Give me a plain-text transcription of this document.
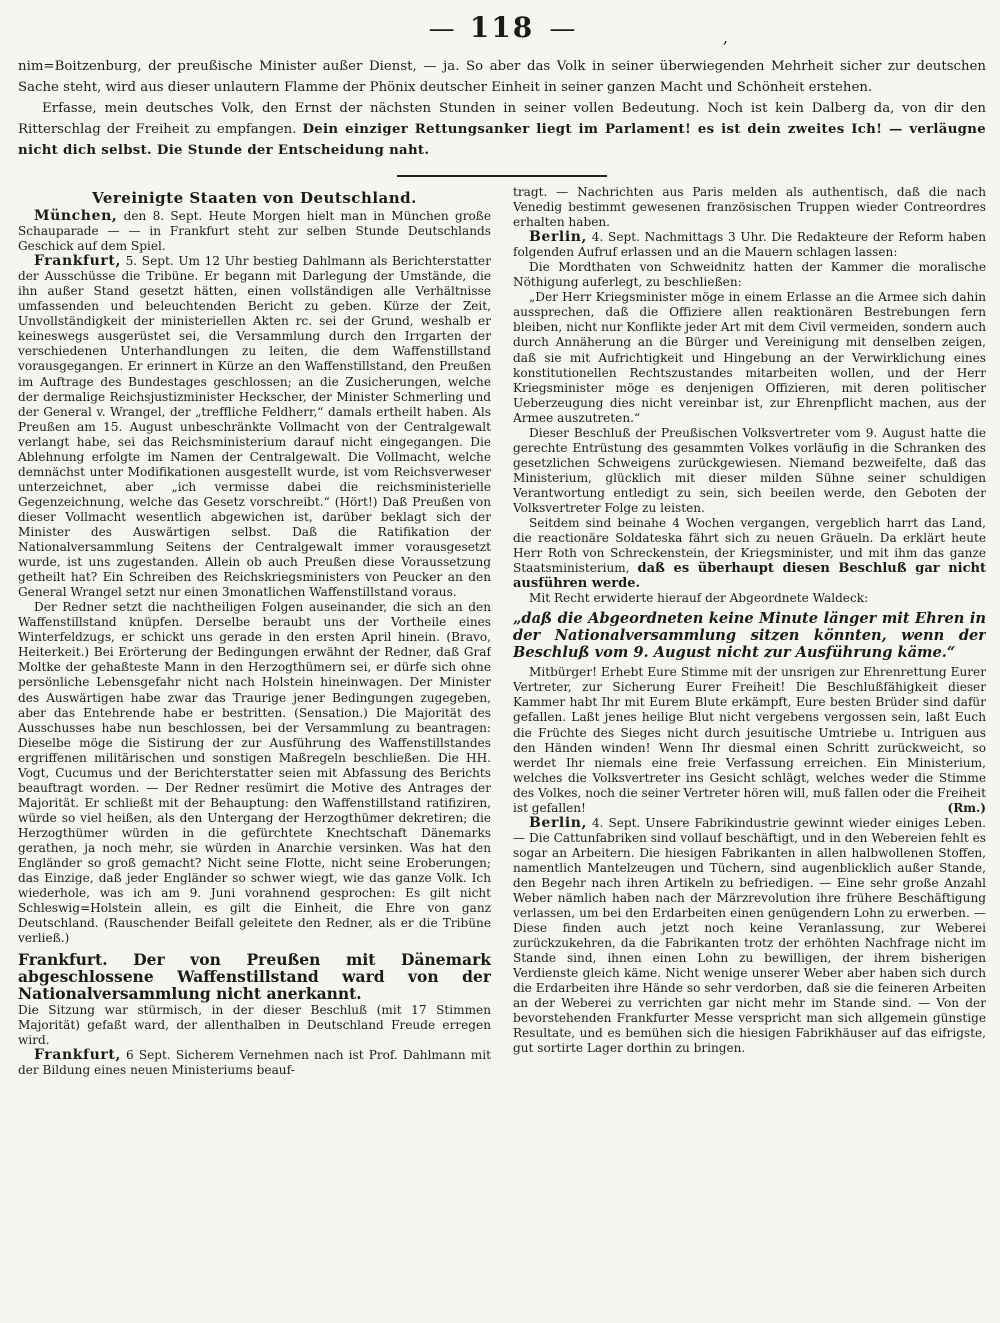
— 118 —	,

nim=Boitzenburg, der preußische Minister außer Dienst, — ja. So aber das Volk in seiner überwiegenden Mehrheit sicher zur deutschen Sache steht, wird aus dieser unlautern Flamme der Phönix deutscher Einheit in seiner ganzen Macht und Schönheit erstehen.

Erfasse, mein deutsches Volk, den Ernst der nächsten Stunden in seiner vollen Bedeutung. Noch ist kein Dalberg da, von dir den Ritterschlag der Freiheit zu empfangen. Dein einziger Rettungsanker liegt im Parlament! es ist dein zweites Ich! — verläugne nicht dich selbst. Die Stunde der Entscheidung naht.

Vereinigte Staaten von Deutschland.

München, den 8. Sept. Heute Morgen hielt man in München große Schauparade — — in Frankfurt steht zur selben Stunde Deutschlands Geschick auf dem Spiel.

Frankfurt, 5. Sept. Um 12 Uhr bestieg Dahlmann als Berichterstatter der Ausschüsse die Tribüne. Er begann mit Darlegung der Umstände, die ihn außer Stand gesetzt hätten, einen vollständigen alle Verhältnisse umfassenden und beleuchtenden Bericht zu geben. Kürze der Zeit, Unvollständigkeit der ministeriellen Akten rc. sei der Grund, weshalb er keineswegs ausgerüstet sei, die Versammlung durch den Irrgarten der verschiedenen Unterhandlungen zu leiten, die dem Waffenstillstand vorausgegangen. Er erinnert in Kürze an den Waffenstillstand, den Preußen im Auftrage des Bundestages geschlossen; an die Zusicherungen, welche der dermalige Reichsjustizminister Heckscher, der Minister Schmerling und der General v. Wrangel, der „treffliche Feldherr,“ damals ertheilt haben. Als Preußen am 15. August unbeschränkte Vollmacht von der Centralgewalt verlangt habe, sei das Reichsministerium darauf nicht eingegangen. Die Ablehnung erfolgte im Namen der Centralgewalt. Die Vollmacht, welche demnächst unter Modifikationen ausgestellt wurde, ist vom Reichsverweser unterzeichnet, aber „ich vermisse dabei die reichsministerielle Gegenzeichnung, welche das Gesetz vorschreibt.“ (Hört!) Daß Preußen von dieser Vollmacht wesentlich abgewichen ist, darüber beklagt sich der Minister des Auswärtigen selbst. Daß die Ratifikation der Nationalversammlung Seitens der Centralgewalt immer vorausgesetzt wurde, ist uns zugestanden. Allein ob auch Preußen diese Voraussetzung getheilt hat? Ein Schreiben des Reichskriegsministers von Peucker an den General Wrangel setzt nur einen 3monatlichen Waffenstillstand voraus.

Der Redner setzt die nachtheiligen Folgen auseinander, die sich an den Waffenstillstand knüpfen. Derselbe beraubt uns der Vortheile eines Winterfeldzugs, er schickt uns gerade in den ersten April hinein. (Bravo, Heiterkeit.) Bei Erörterung der Bedingungen erwähnt der Redner, daß Graf Moltke der gehaßteste Mann in den Herzogthümern sei, er dürfe sich ohne persönliche Lebensgefahr nicht nach Holstein hineinwagen. Der Minister des Auswärtigen habe zwar das Traurige jener Bedingungen zugegeben, aber das Entehrende habe er bestritten. (Sensation.) Die Majorität des Ausschusses habe nun beschlossen, bei der Versammlung zu beantragen: Dieselbe möge die Sistirung der zur Ausführung des Waffenstillstandes ergriffenen militärischen und sonstigen Maßregeln beschließen. Die HH. Vogt, Cucumus und der Berichterstatter seien mit Abfassung des Berichts beauftragt worden. — Der Redner resümirt die Motive des Antrages der Majorität. Er schließt mit der Behauptung: den Waffenstillstand ratifiziren, würde so viel heißen, als den Untergang der Herzogthümer dekretiren; die Herzogthümer würden in die gefürchtete Knechtschaft Dänemarks gerathen, ja noch mehr, sie würden in Anarchie versinken. Was hat den Engländer so groß gemacht? Nicht seine Flotte, nicht seine Eroberungen; das Einzige, daß jeder Engländer so schwer wiegt, wie das ganze Volk. Ich wiederhole, was ich am 9. Juni vorahnend gesprochen: Es gilt nicht Schleswig=Holstein allein, es gilt die Einheit, die Ehre von ganz Deutschland. (Rauschender Beifall geleitete den Redner, als er die Tribüne verließ.)

Frankfurt. Der von Preußen mit Dänemark abgeschlossene Waffenstillstand ward von der Nationalversammlung nicht anerkannt.

Die Sitzung war stürmisch, in der dieser Beschluß (mit 17 Stimmen Majorität) gefaßt ward, der allenthalben in Deutschland Freude erregen wird.

Frankfurt, 6 Sept. Sicherem Vernehmen nach ist Prof. Dahlmann mit der Bildung eines neuen Ministeriums beauf-

tragt. — Nachrichten aus Paris melden als authentisch, daß die nach Venedig bestimmt gewesenen französischen Truppen wieder Contreordres erhalten haben.

Berlin, 4. Sept. Nachmittags 3 Uhr. Die Redakteure der Reform haben folgenden Aufruf erlassen und an die Mauern schlagen lassen:

Die Mordthaten von Schweidnitz hatten der Kammer die moralische Nöthigung auferlegt, zu beschließen:

„Der Herr Kriegsminister möge in einem Erlasse an die Armee sich dahin aussprechen, daß die Offiziere allen reaktionären Bestrebungen fern bleiben, nicht nur Konflikte jeder Art mit dem Civil vermeiden, sondern auch durch Annäherung an die Bürger und Vereinigung mit denselben zeigen, daß sie mit Aufrichtigkeit und Hingebung an der Verwirklichung eines konstitutionellen Rechtszustandes mitarbeiten wollen, und der Herr Kriegsminister möge es denjenigen Offizieren, mit deren politischer Ueberzeugung dies nicht vereinbar ist, zur Ehrenpflicht machen, aus der Armee auszutreten.“

Dieser Beschluß der Preußischen Volksvertreter vom 9. August hatte die gerechte Entrüstung des gesammten Volkes vorläufig in die Schranken des gesetzlichen Schweigens zurückgewiesen. Niemand bezweifelte, daß das Ministerium, glücklich mit dieser milden Sühne seiner schuldigen Verantwortung entledigt zu sein, sich beeilen werde, den Geboten der Volksvertreter Folge zu leisten.

Seitdem sind beinahe 4 Wochen vergangen, vergeblich harrt das Land, die reactionäre Soldateska fährt sich zu neuen Gräueln. Da erklärt heute Herr Roth von Schreckenstein, der Kriegsminister, und mit ihm das ganze Staatsministerium, daß es überhaupt diesen Beschluß gar nicht ausführen werde.

Mit Recht erwiderte hierauf der Abgeordnete Waldeck:

„daß die Abgeordneten keine Minute länger mit Ehren in der Nationalversammlung sitzen könnten, wenn der Beschluß vom 9. August nicht zur Ausführung käme.“

Mitbürger! Erhebt Eure Stimme mit der unsrigen zur Ehrenrettung Eurer Vertreter, zur Sicherung Eurer Freiheit! Die Beschlußfähigkeit dieser Kammer habt Ihr mit Eurem Blute erkämpft, Eure besten Brüder sind dafür gefallen. Laßt jenes heilige Blut nicht vergebens vergossen sein, laßt Euch die Früchte des Sieges nicht durch jesuitische Umtriebe u. Intriguen aus den Händen winden! Wenn Ihr diesmal einen Schritt zurückweicht, so werdet Ihr niemals eine freie Verfassung erreichen. Ein Ministerium, welches die Volksvertreter ins Gesicht schlägt, welches weder die Stimme des Volkes, noch die seiner Vertreter hören will, muß fallen oder die Freiheit ist gefallen!	(Rm.)

Berlin, 4. Sept. Unsere Fabrikindustrie gewinnt wieder einiges Leben. — Die Cattunfabriken sind vollauf beschäftigt, und in den Webereien fehlt es sogar an Arbeitern. Die hiesigen Fabrikanten in allen halbwollenen Stoffen, namentlich Mantelzeugen und Tüchern, sind augenblicklich außer Stande, den Begehr nach ihren Artikeln zu befriedigen. — Eine sehr große Anzahl Weber nämlich haben nach der Märzrevolution ihre frühere Beschäftigung verlassen, um bei den Erdarbeiten einen genügendern Lohn zu erwerben. — Diese finden auch jetzt noch keine Veranlassung, zur Weberei zurückzukehren, da die Fabrikanten trotz der erhöhten Nachfrage nicht im Stande sind, ihnen einen Lohn zu bewilligen, der ihrem bisherigen Verdienste gleich käme. Nicht wenige unserer Weber aber haben sich durch die Erdarbeiten ihre Hände so sehr verdorben, daß sie die feineren Arbeiten an der Weberei zu verrichten gar nicht mehr im Stande sind. — Von der bevorstehenden Frankfurter Messe verspricht man sich allgemein günstige Resultate, und es bemühen sich die hiesigen Fabrikhäuser auf das eifrigste, gut sortirte Lager dorthin zu bringen.
